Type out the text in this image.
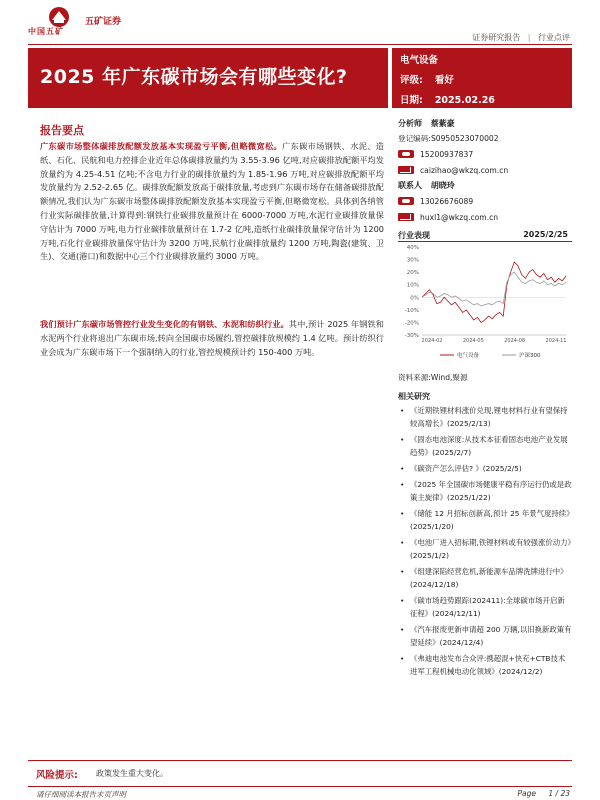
中国五矿
五矿证券
证券研究报告 | 行业点评
2025 年广东碳市场会有哪些变化?
电气设备
评级: 看好
日期: 2025.02.26
报告要点
广东碳市场整体碳排放配额发放基本实现盈亏平衡,但略微宽松。广东碳市场钢铁、水泥、造纸、石化、民航和电力控排企业近年总体碳排放量约为 3.55-3.96 亿吨,对应碳排放配额平均发放量约为 4.25-4.51 亿吨;不含电力行业的碳排放量约为 1.85-1.96 万吨,对应碳排放配额平均发放量约为 2.52-2.65 亿。碳排放配额发放高于碳排放量,考虑到广东碳市场存在储备碳排放配额情况,我们认为广东碳市场整体碳排放配额发放基本实现盈亏平衡,但略微宽松。具体到各纳管行业实际碳排放量,计算得到:钢铁行业碳排放量预计在 6000-7000 万吨,水泥行业碳排放量保守估计为 7000 万吨,电力行业碳排放量预计在 1.7-2 亿吨,造纸行业碳排放量保守估计为 1200 万吨,石化行业碳排放量保守估计为 3200 万吨,民航行业碳排放量约 1200 万吨,陶瓷(建筑、卫生)、交通(港口)和数据中心三个行业碳排放量约 3000 万吨。
我们预计广东碳市场管控行业发生变化的有钢铁、水泥和纺织行业。其中,预计 2025 年钢铁和水泥两个行业将退出广东碳市场,转向全国碳市场履约,管控碳排放规模约 1.4 亿吨。预计纺织行业会成为广东碳市场下一个强制纳入的行业,管控规模预计约 150-400 万吨。
分析师 蔡紫豪
登记编码:S0950523070002
15200937837
caizihao@wkzq.com.cn
联系人 胡晓玲
13026676089
huxl1@wkzq.com.cn
行业表现	2025/2/25
40%
30%
20%
10%
0%
-10%
-20%
-30%
2024-02	2024-05	2024-08	2024-11
电气设备	沪深300
资料来源:Wind,聚源
相关研究
• 《近期铁锂材料涨价兑现,锂电材料行业有望保持较高增长》(2025/2/13)
• 《固态电池深度:从技术本征看固态电池产业发展趋势》(2025/2/7)
• 《碳资产怎么评估? 》(2025/2/5)
• 《2025 年全国碳市场健康平稳有序运行仍或是政策主旋律》(2025/1/22)
• 《储能 12 月招标创新高,预计 25 年景气度持续》(2025/1/20)
• 《电池厂进入招标期,铁锂材料或有较强涨价动力》(2025/1/2)
• 《组建深陷经营危机,新能源车品牌洗牌进行中》(2024/12/18)
• 《碳市场趋势跟踪(202411):全球碳市场开启新征程》(2024/12/11)
• 《汽车报废更新申请超 200 万辆,以旧换新政策有望延续》(2024/12/4)
• 《弗迪电池发布合众评:携超混+快充+CTB技术进军工程机械电动化领域》(2024/12/2)
风险提示: 政策发生重大变化。
请仔细阅读本报告末页声明	Page 1 / 23
